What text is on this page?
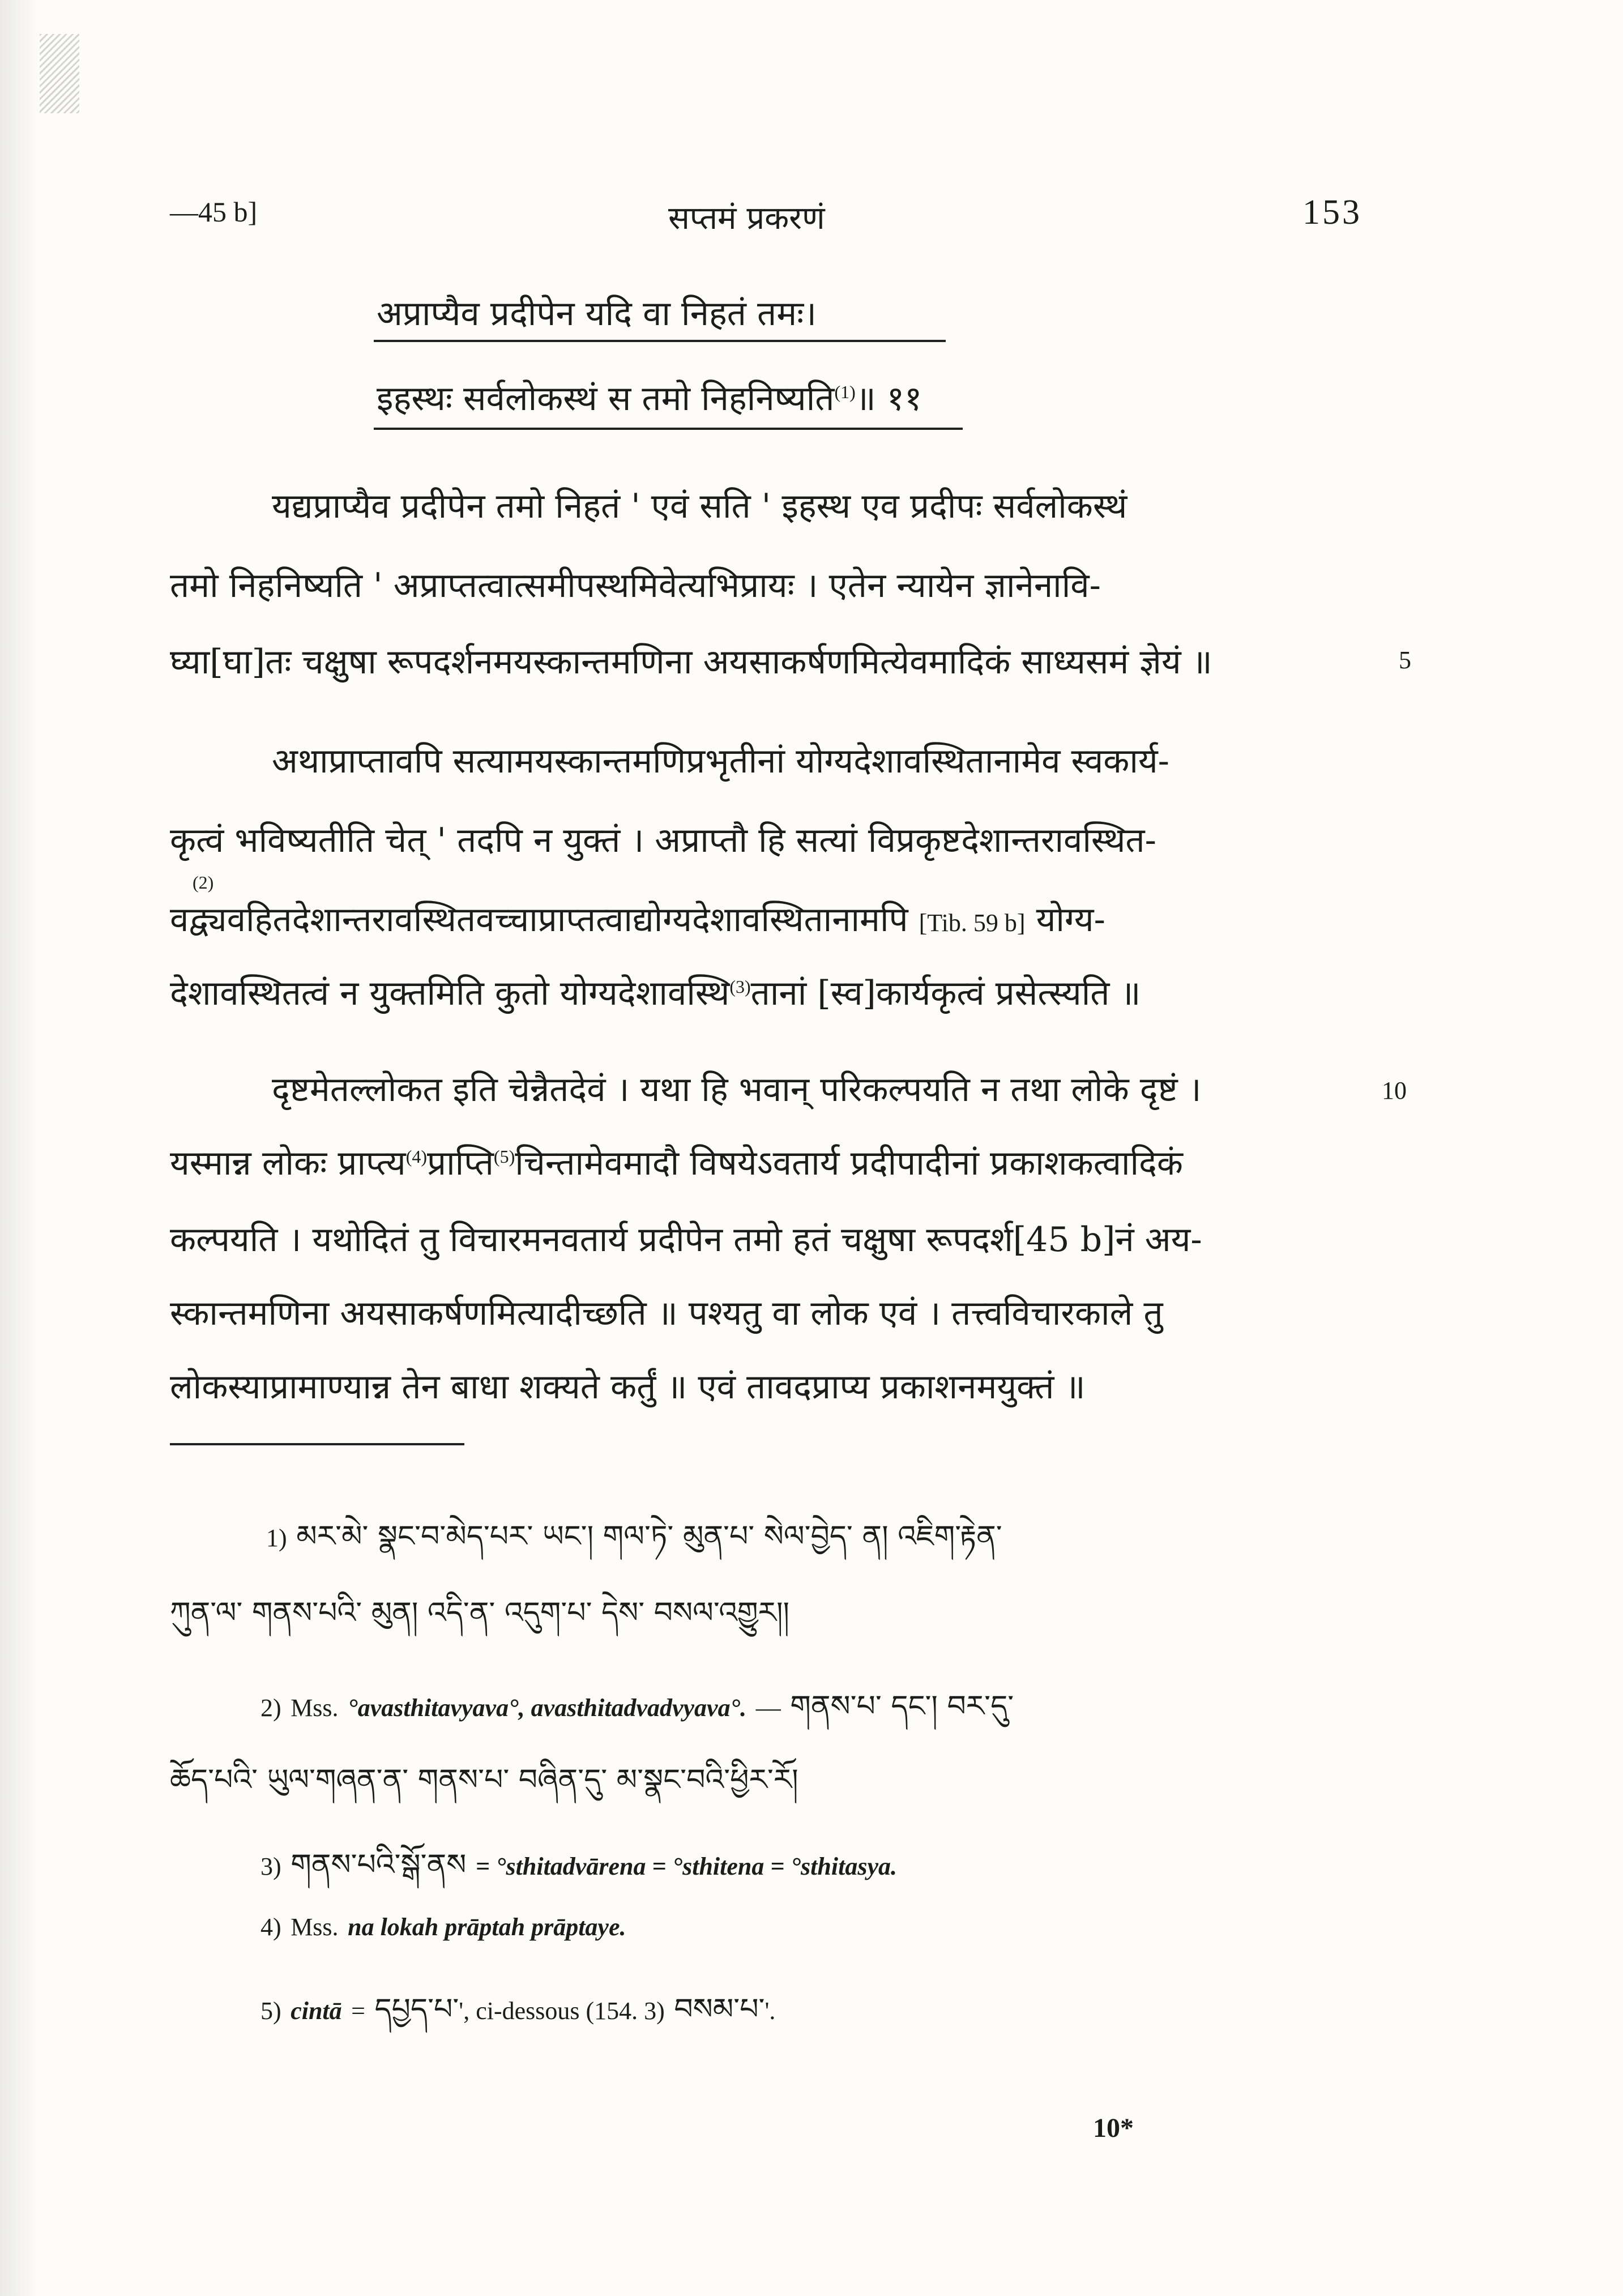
—45 b]	सप्तमं प्रकरणं	153
अप्राप्यैव प्रदीपेन यदि वा निहतं तमः।
इहस्थः सर्वलोकस्थं स तमो निहनिष्यति$^{(1)}$॥ ११
यद्यप्राप्यैव प्रदीपेन तमो निहतं ' एवं सति ' इहस्थ एव प्रदीपः सर्वलोकस्थं
तमो निहनिष्यति ' अप्राप्तत्वात्समीपस्थमिवेत्यभिप्रायः । एतेन न्यायेन ज्ञानेनावि-
घ्या[घा]तः चक्षुषा रूपदर्शनमयस्कान्तमणिना अयसाकर्षणमित्येवमादिकं साध्यसमं ज्ञेयं ॥	5
अथाप्राप्तावपि सत्यामयस्कान्तमणिप्रभृतीनां योग्यदेशावस्थितानामेव स्वकार्य-
कृत्वं भविष्यतीति चेत् ' तदपि न युक्तं । अप्राप्तौ हि सत्यां विप्रकृष्टदेशान्तरावस्थित-
(2)
वद्व्यवहितदेशान्तरावस्थितवच्चाप्राप्तत्वाद्योग्यदेशावस्थितानामपि [Tib. 59 b] योग्य-
देशावस्थितत्वं न युक्तमिति कुतो योग्यदेशावस्थि$^{(3)}$तानां [स्व]कार्यकृत्वं प्रसेत्स्यति ॥
दृष्टमेतल्लोकत इति चेन्नैतदेवं । यथा हि भवान् परिकल्पयति न तथा लोके दृष्टं ।	10
यस्मान्न लोकः प्राप्त्य$^{(4)}$प्राप्ति$^{(5)}$चिन्तामेवमादौ विषयेऽवतार्य प्रदीपादीनां प्रकाशकत्वादिकं
कल्पयति । यथोदितं तु विचारमनवतार्य प्रदीपेन तमो हतं चक्षुषा रूपदर्श[45 b]नं अय-
स्कान्तमणिना अयसाकर्षणमित्यादीच्छति ॥ पश्यतु वा लोक एवं । तत्त्वविचारकाले तु
लोकस्याप्रामाण्यान्न तेन बाधा शक्यते कर्तुं ॥ एवं तावदप्राप्य प्रकाशनमयुक्तं ॥
1) མར་མེ་ སྣང་བ་མེད་པར་ ཡང་། གལ་ཏེ་ མུན་པ་ སེལ་བྱེད་ ན། འཇིག་རྟེན་
ཀུན་ལ་ གནས་པའི་ མུན། འདི་ན་ འདུག་པ་ དེས་ བསལ་འགྱུར།།
2) Mss. °avasthitavyava°, avasthitadvadvyava°. — གནས་པ་ དང་། བར་དུ་
ཆོད་པའི་ ཡུལ་གཞན་ན་ གནས་པ་ བཞིན་དུ་ མ་སྣང་བའི་ཕྱིར་རོ།
3) གནས་པའི་སྒོ་ནས = °sthitadvārena = °sthitena = °sthitasya.
4) Mss. na lokah prāptah prāptaye.
5) cintā = དཔྱད་པ་', ci-dessous (154. 3) བསམ་པ་'.
10*
